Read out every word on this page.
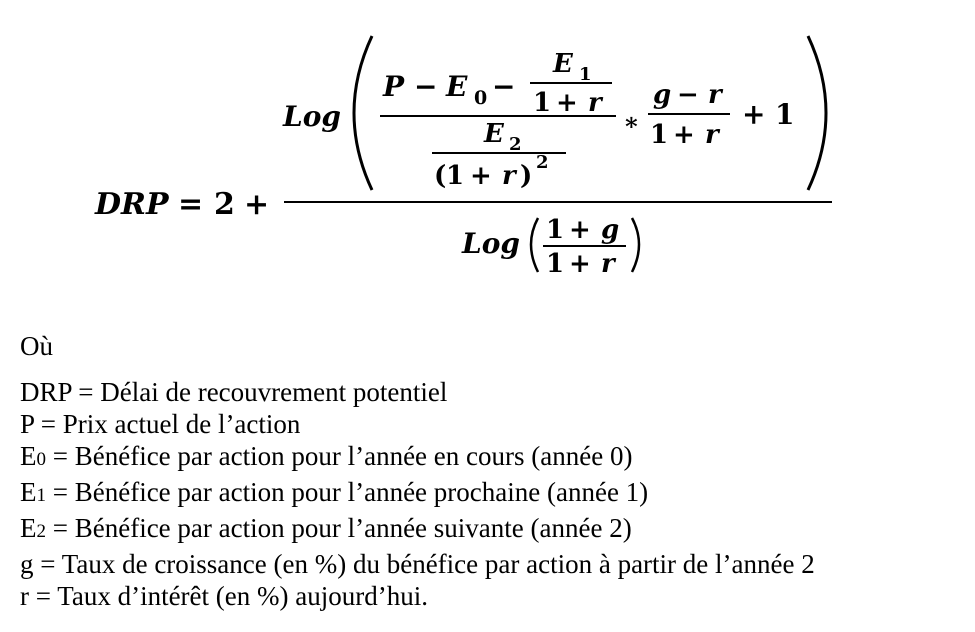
DRP = 2 +
Log
P − E 0 −
E 1
1 + r
E 2
( 1 + r ) 2
∗
g − r
1 + r
+ 1
Log 1 + g
1 + r
Où
DRP = Délai de recouvrement potentiel
P = Prix actuel de l’action
E0 = Bénéfice par action pour l’année en cours (année 0)
E1 = Bénéfice par action pour l’année prochaine (année 1)
E2 = Bénéfice par action pour l’année suivante (année 2)
g = Taux de croissance (en %) du bénéfice par action à partir de l’année 2
r = Taux d’intérêt (en %) aujourd’hui.
